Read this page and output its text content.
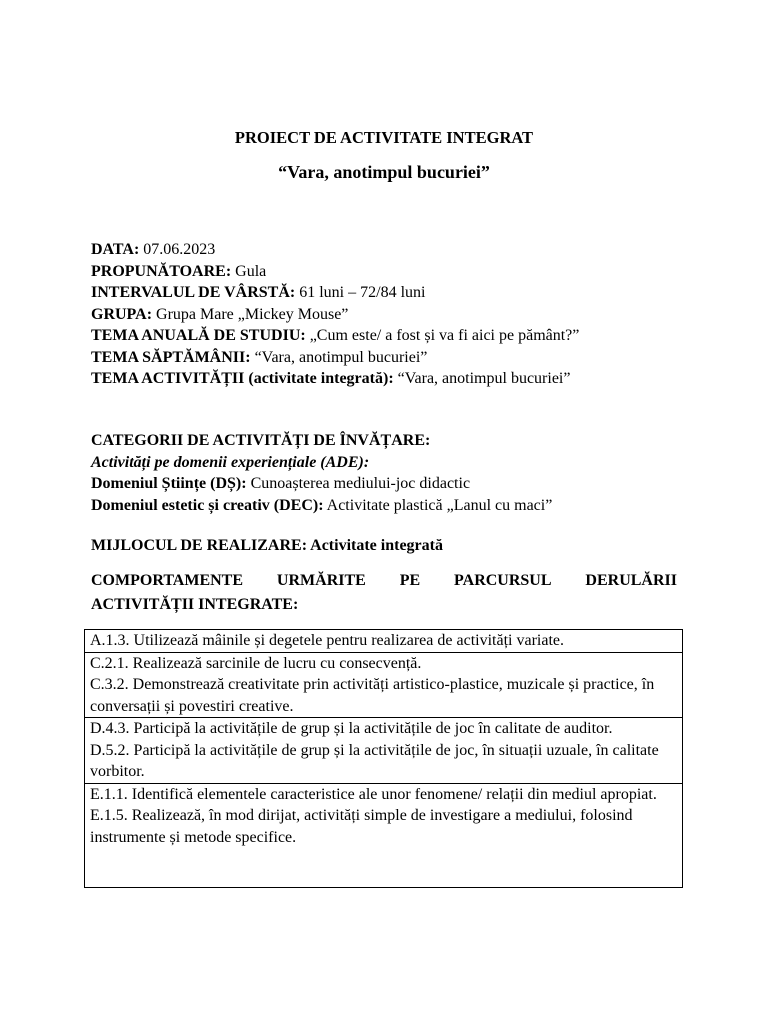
PROIECT DE ACTIVITATE INTEGRAT
“Vara, anotimpul bucuriei”
DATA: 07.06.2023
PROPUNĂTOARE: Gula
INTERVALUL DE VÂRSTĂ: 61 luni – 72/84 luni
GRUPA: Grupa Mare „Mickey Mouse”
TEMA ANUALĂ DE STUDIU: „Cum este/ a fost și va fi aici pe pământ?”
TEMA SĂPTĂMÂNII: “Vara, anotimpul bucuriei”
TEMA ACTIVITĂȚII (activitate integrată): “Vara, anotimpul bucuriei”
CATEGORII DE ACTIVITĂȚI DE ÎNVĂȚARE:
Activități pe domenii experiențiale (ADE):
Domeniul Științe (DȘ): Cunoașterea mediului-joc didactic
Domeniul estetic și creativ (DEC): Activitate plastică „Lanul cu maci”
MIJLOCUL DE REALIZARE: Activitate integrată
COMPORTAMENTE URMĂRITE PE PARCURSUL DERULĂRII
ACTIVITĂȚII INTEGRATE:
A.1.3. Utilizează mâinile și degetele pentru realizarea de activități variate.

C.2.1. Realizează sarcinile de lucru cu consecvență.
C.3.2. Demonstrează creativitate prin activități artistico-plastice, muzicale și practice, în conversații și povestiri creative.

D.4.3. Participă la activitățile de grup și la activitățile de joc în calitate de auditor.
D.5.2. Participă la activitățile de grup și la activitățile de joc, în situații uzuale, în calitate vorbitor.

E.1.1. Identifică elementele caracteristice ale unor fenomene/ relații din mediul apropiat.
E.1.5. Realizează, în mod dirijat, activități simple de investigare a mediului, folosind instrumente și metode specifice.
